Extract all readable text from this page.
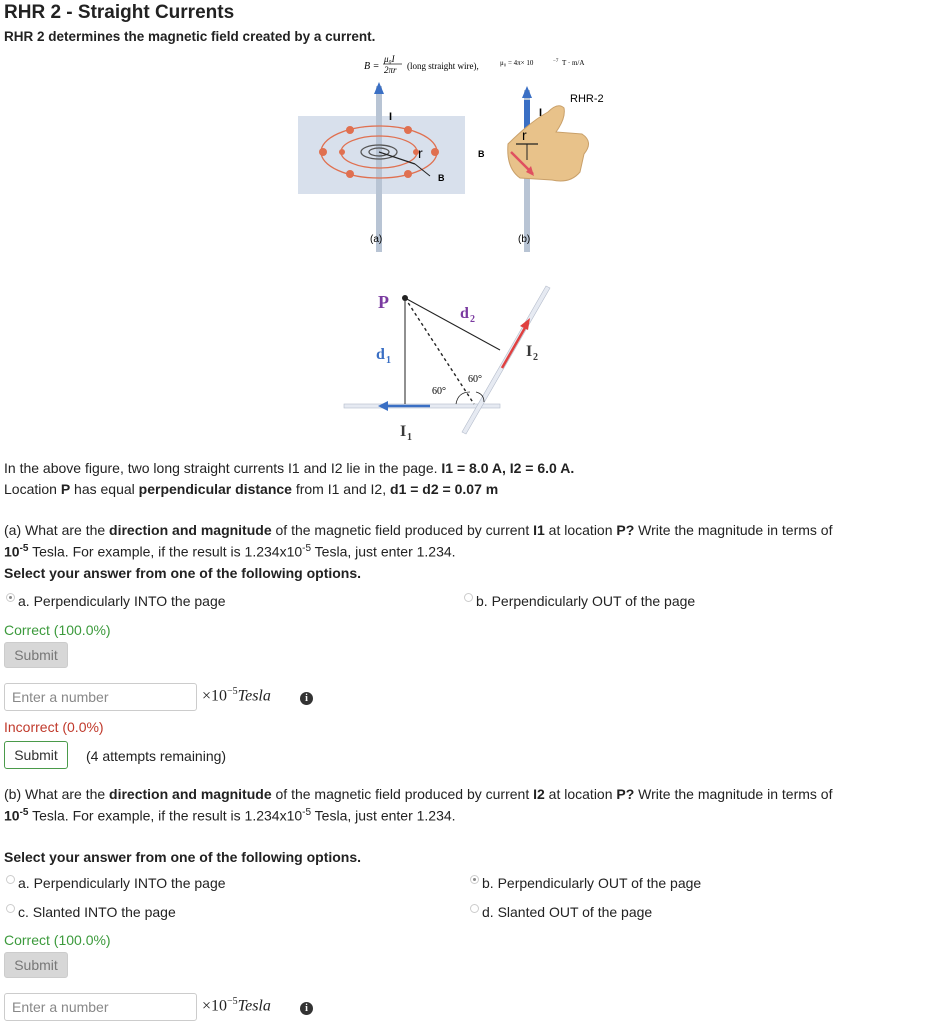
RHR 2 - Straight Currents
RHR 2 determines the magnetic field created by a current.
B =
μ₀I
2πr (long straight wire),	μ₀ = 4π× 10	−7 T · m/A
I
r
B
(a)
I
RHR-2
r
B
(b)
P
d 1
d 2
I 2
I 1
60°
60°
In the above figure, two long straight currents I1 and I2 lie in the page. I1 = 8.0 A, I2 = 6.0 A.
Location P has equal perpendicular distance from I1 and I2, d1 = d2 = 0.07 m
(a) What are the direction and magnitude of the magnetic field produced by current I1 at location P? Write the magnitude in terms of
$10^{-5}$ Tesla. For example, if the result is $1.234x10^{-5}$ Tesla, just enter 1.234.
Select your answer from one of the following options.
a. Perpendicularly INTO the page	b. Perpendicularly OUT of the page
Correct (100.0%)
Submit
Enter a number	$\times 10^{-5}Tesla$	i
Incorrect (0.0%)
Submit	(4 attempts remaining)
(b) What are the direction and magnitude of the magnetic field produced by current I2 at location P? Write the magnitude in terms of
$10^{-5}$ Tesla. For example, if the result is $1.234x10^{-5}$ Tesla, just enter 1.234.
Select your answer from one of the following options.
a. Perpendicularly INTO the page	b. Perpendicularly OUT of the page
c. Slanted INTO the page	d. Slanted OUT of the page
Correct (100.0%)
Submit
Enter a number	$\times 10^{-5}Tesla$	i
